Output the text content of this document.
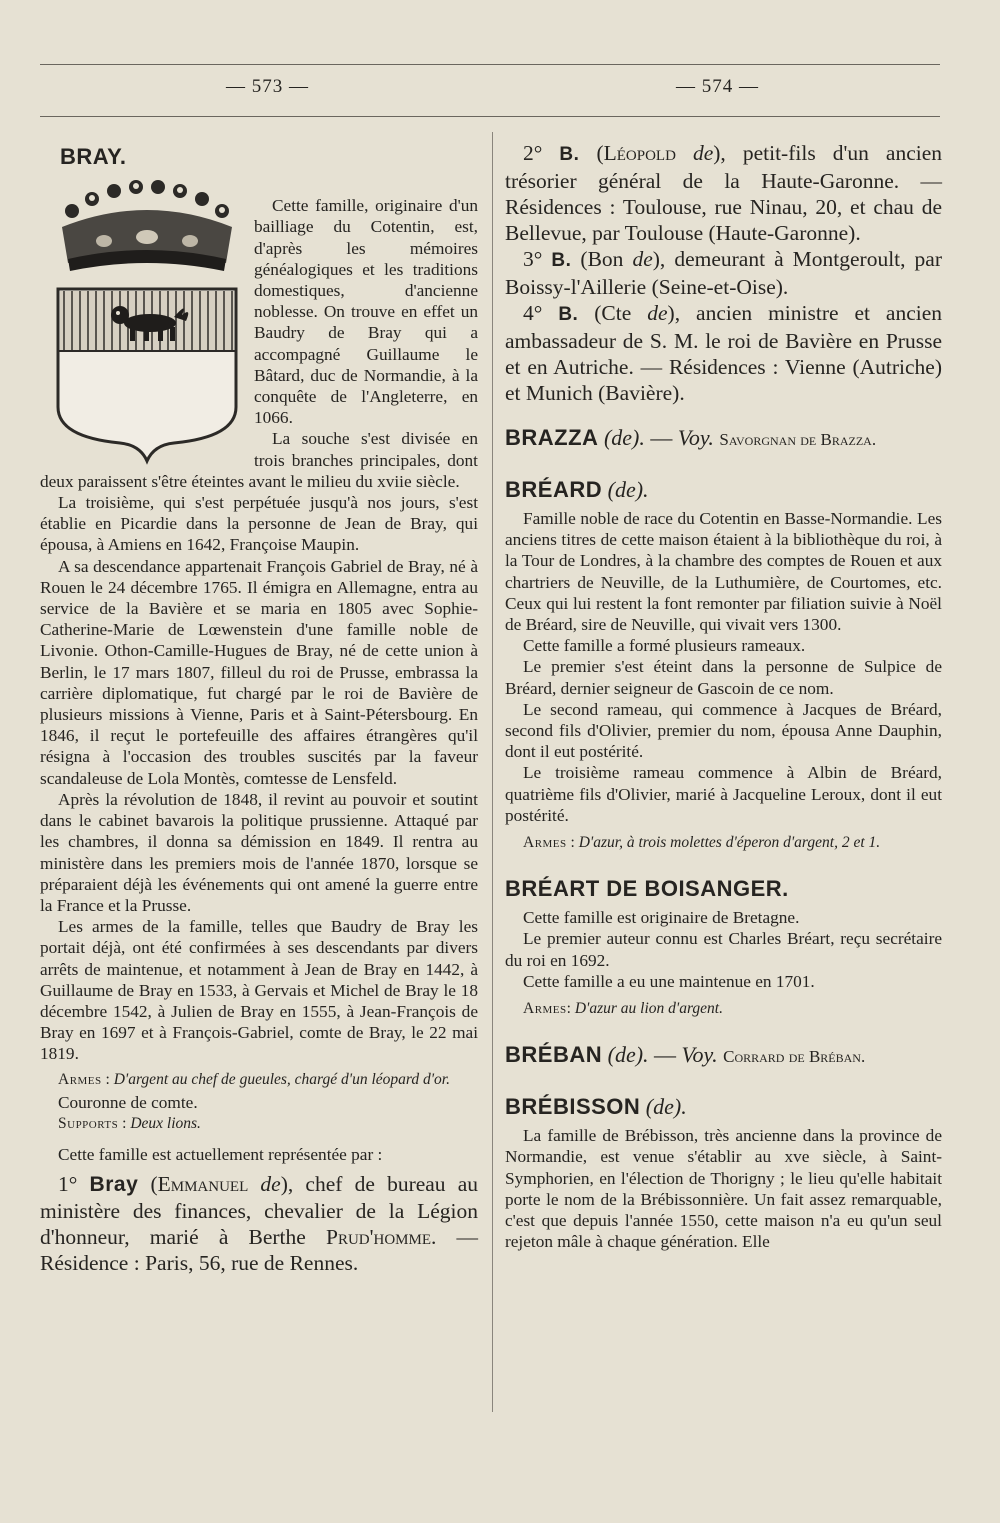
— 573 —	— 574 —
BRAY.

Cette famille, originaire d'un bailliage du Cotentin, est, d'après les mémoires généalogiques et les traditions domestiques, d'ancienne noblesse. On trouve en effet un Baudry de Bray qui a accompagné Guillaume le Bâtard, duc de Normandie, à la conquête de l'Angleterre, en 1066.

La souche s'est divisée en trois branches principales, dont deux paraissent s'être éteintes avant le milieu du xviie siècle.

La troisième, qui s'est perpétuée jusqu'à nos jours, s'est établie en Picardie dans la personne de Jean de Bray, qui épousa, à Amiens en 1642, Françoise Maupin.

A sa descendance appartenait François Gabriel de Bray, né à Rouen le 24 décembre 1765. Il émigra en Allemagne, entra au service de la Bavière et se maria en 1805 avec Sophie-Catherine-Marie de Lœwenstein d'une famille noble de Livonie. Othon-Camille-Hugues de Bray, né de cette union à Berlin, le 17 mars 1807, filleul du roi de Prusse, embrassa la carrière diplomatique, fut chargé par le roi de Bavière de plusieurs missions à Vienne, Paris et à Saint-Pétersbourg. En 1846, il reçut le portefeuille des affaires étrangères qu'il résigna à l'occasion des troubles suscités par la faveur scandaleuse de Lola Montès, comtesse de Lensfeld.

Après la révolution de 1848, il revint au pouvoir et soutint dans le cabinet bavarois la politique prussienne. Attaqué par les chambres, il donna sa démission en 1849. Il rentra au ministère dans les premiers mois de l'année 1870, lorsque se préparaient déjà les événements qui ont amené la guerre entre la France et la Prusse.

Les armes de la famille, telles que Baudry de Bray les portait déjà, ont été confirmées à ses descendants par divers arrêts de maintenue, et notamment à Jean de Bray en 1442, à Guillaume de Bray en 1533, à Gervais et Michel de Bray le 18 décembre 1542, à Julien de Bray en 1555, à Jean-François de Bray en 1697 et à François-Gabriel, comte de Bray, le 22 mai 1819.

Armes : D'argent au chef de gueules, chargé d'un léopard d'or.

Couronne de comte.

Supports : Deux lions.

Cette famille est actuellement représentée par :

1° Bray (Emmanuel de), chef de bureau au ministère des finances, chevalier de la Légion d'honneur, marié à Berthe Prud'homme. — Résidence : Paris, 56, rue de Rennes.

2° B. (Léopold de), petit-fils d'un ancien trésorier général de la Haute-Garonne. — Résidences : Toulouse, rue Ninau, 20, et chau de Bellevue, par Toulouse (Haute-Garonne).

3° B. (Bon de), demeurant à Montgeroult, par Boissy-l'Aillerie (Seine-et-Oise).

4° B. (Cte de), ancien ministre et ancien ambassadeur de S. M. le roi de Bavière en Prusse et en Autriche. — Résidences : Vienne (Autriche) et Munich (Bavière).

BRAZZA (de). — Voy. Savorgnan de Brazza.
BRÉARD (de).

Famille noble de race du Cotentin en Basse-Normandie. Les anciens titres de cette maison étaient à la bibliothèque du roi, à la Tour de Londres, à la chambre des comptes de Rouen et aux chartriers de Neuville, de la Luthumière, de Courtomes, etc. Ceux qui lui restent la font remonter par filiation suivie à Noël de Bréard, sire de Neuville, qui vivait vers 1300.

Cette famille a formé plusieurs rameaux.

Le premier s'est éteint dans la personne de Sulpice de Bréard, dernier seigneur de Gascoin de ce nom.

Le second rameau, qui commence à Jacques de Bréard, second fils d'Olivier, premier du nom, épousa Anne Dauphin, dont il eut postérité.

Le troisième rameau commence à Albin de Bréard, quatrième fils d'Olivier, marié à Jacqueline Leroux, dont il eut postérité.

Armes : D'azur, à trois molettes d'éperon d'argent, 2 et 1.

BRÉART DE BOISANGER.

Cette famille est originaire de Bretagne.

Le premier auteur connu est Charles Bréart, reçu secrétaire du roi en 1692.

Cette famille a eu une maintenue en 1701.

Armes: D'azur au lion d'argent.

BRÉBAN (de). — Voy. Corrard de Bréban.
BRÉBISSON (de).

La famille de Brébisson, très ancienne dans la province de Normandie, est venue s'établir au xve siècle, à Saint-Symphorien, en l'élection de Thorigny ; le lieu qu'elle habitait porte le nom de la Brébissonnière. Un fait assez remarquable, c'est que depuis l'année 1550, cette maison n'a eu qu'un seul rejeton mâle à chaque génération. Elle
